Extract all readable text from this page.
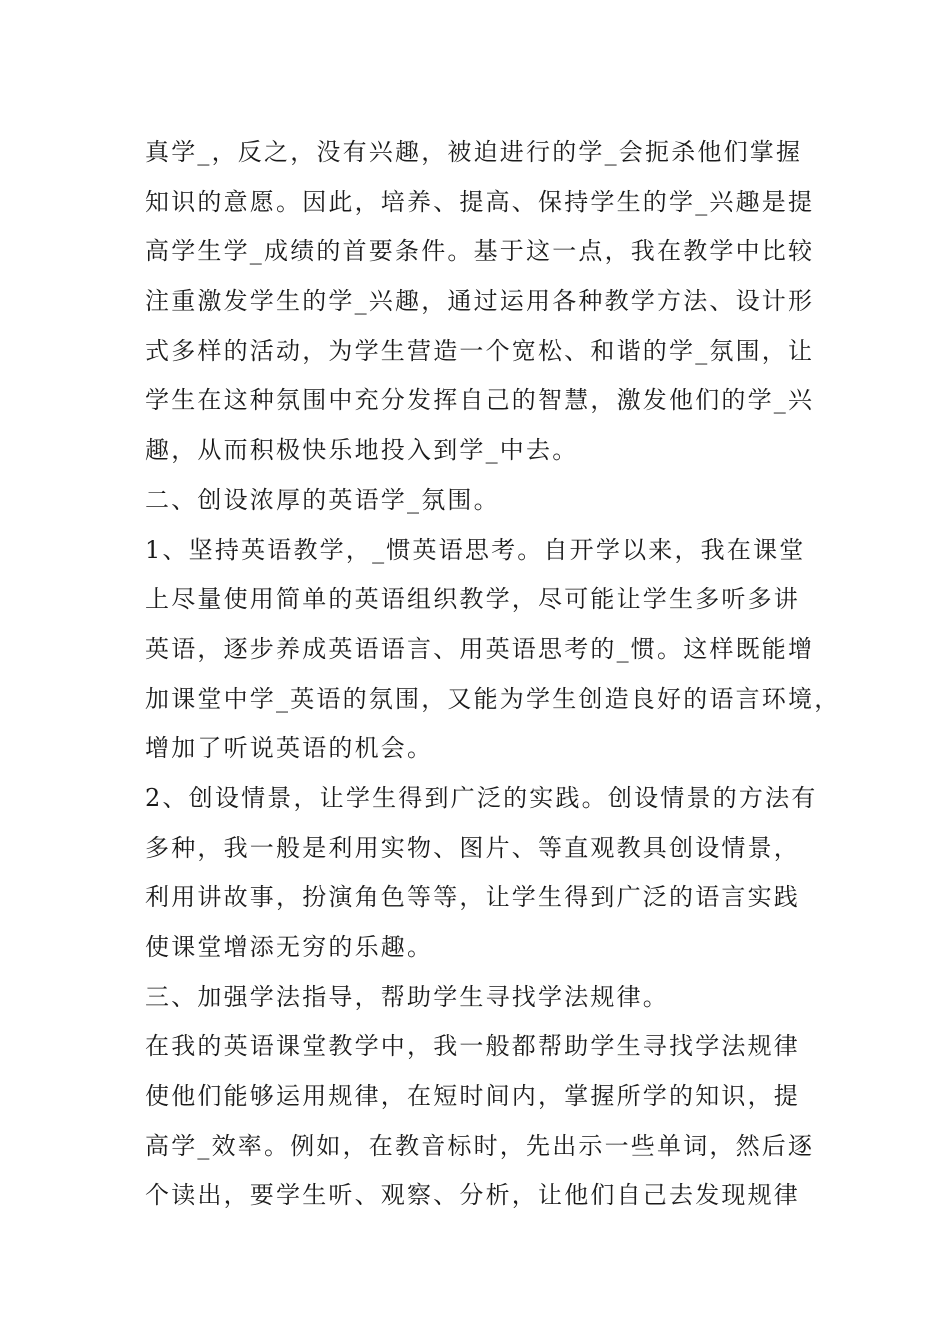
真学_，反之，没有兴趣，被迫进行的学_会扼杀他们掌握
知识的意愿。因此，培养、提高、保持学生的学_兴趣是提
高学生学_成绩的首要条件。基于这一点，我在教学中比较
注重激发学生的学_兴趣，通过运用各种教学方法、设计形
式多样的活动，为学生营造一个宽松、和谐的学_氛围，让
学生在这种氛围中充分发挥自己的智慧，激发他们的学_兴
趣，从而积极快乐地投入到学_中去。
二、创设浓厚的英语学_氛围。
1、坚持英语教学，_惯英语思考。自开学以来，我在课堂
上尽量使用简单的英语组织教学，尽可能让学生多听多讲
英语，逐步养成英语语言、用英语思考的_惯。这样既能增
加课堂中学_英语的氛围，又能为学生创造良好的语言环境，
增加了听说英语的机会。
2、创设情景，让学生得到广泛的实践。创设情景的方法有
多种，我一般是利用实物、图片、等直观教具创设情景，
利用讲故事，扮演角色等等，让学生得到广泛的语言实践
使课堂增添无穷的乐趣。
三、加强学法指导，帮助学生寻找学法规律。
在我的英语课堂教学中，我一般都帮助学生寻找学法规律
使他们能够运用规律，在短时间内，掌握所学的知识，提
高学_效率。例如，在教音标时，先出示一些单词，然后逐
个读出，要学生听、观察、分析，让他们自己去发现规律
